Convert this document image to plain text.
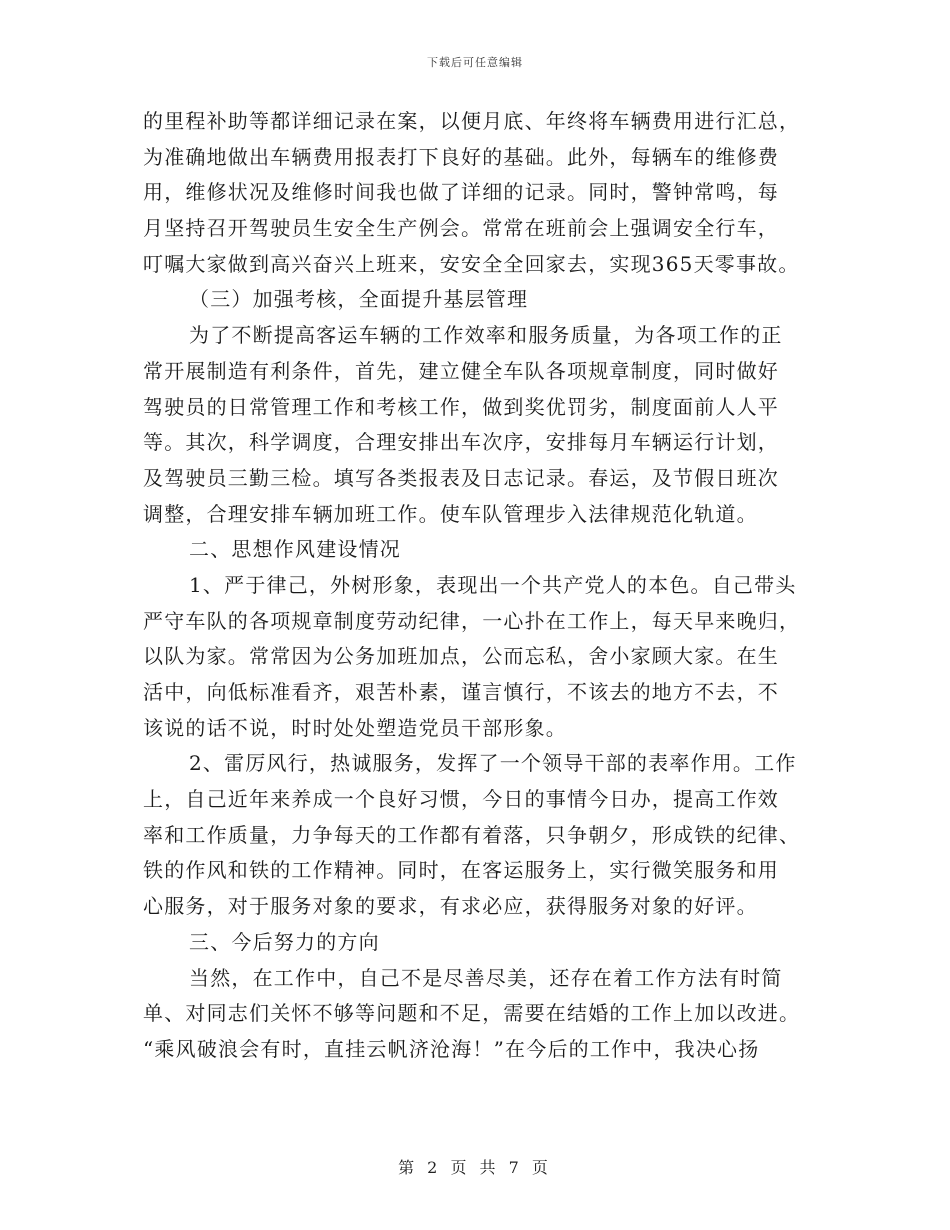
下载后可任意编辑
的里程补助等都详细记录在案，以便月底、年终将车辆费用进行汇总，
为准确地做出车辆费用报表打下良好的基础。此外，每辆车的维修费
用，维修状况及维修时间我也做了详细的记录。同时，警钟常鸣，每
月坚持召开驾驶员生安全生产例会。常常在班前会上强调安全行车，
叮嘱大家做到高兴奋兴上班来，安安全全回家去，实现365天零事故。
（三）加强考核，全面提升基层管理
为了不断提高客运车辆的工作效率和服务质量，为各项工作的正
常开展制造有利条件，首先，建立健全车队各项规章制度，同时做好
驾驶员的日常管理工作和考核工作，做到奖优罚劣，制度面前人人平
等。其次，科学调度，合理安排出车次序，安排每月车辆运行计划，
及驾驶员三勤三检。填写各类报表及日志记录。春运，及节假日班次
调整，合理安排车辆加班工作。使车队管理步入法律规范化轨道。
二、思想作风建设情况
1、严于律己，外树形象，表现出一个共产党人的本色。自己带头
严守车队的各项规章制度劳动纪律，一心扑在工作上，每天早来晚归，
以队为家。常常因为公务加班加点，公而忘私，舍小家顾大家。在生
活中，向低标准看齐，艰苦朴素，谨言慎行，不该去的地方不去，不
该说的话不说，时时处处塑造党员干部形象。
2、雷厉风行，热诚服务，发挥了一个领导干部的表率作用。工作
上，自己近年来养成一个良好习惯，今日的事情今日办，提高工作效
率和工作质量，力争每天的工作都有着落，只争朝夕，形成铁的纪律、
铁的作风和铁的工作精神。同时，在客运服务上，实行微笑服务和用
心服务，对于服务对象的要求，有求必应，获得服务对象的好评。
三、今后努力的方向
当然，在工作中，自己不是尽善尽美，还存在着工作方法有时简
单、对同志们关怀不够等问题和不足，需要在结婚的工作上加以改进。
“乘风破浪会有时，直挂云帆济沧海！”在今后的工作中，我决心扬
第 2 页 共 7 页
